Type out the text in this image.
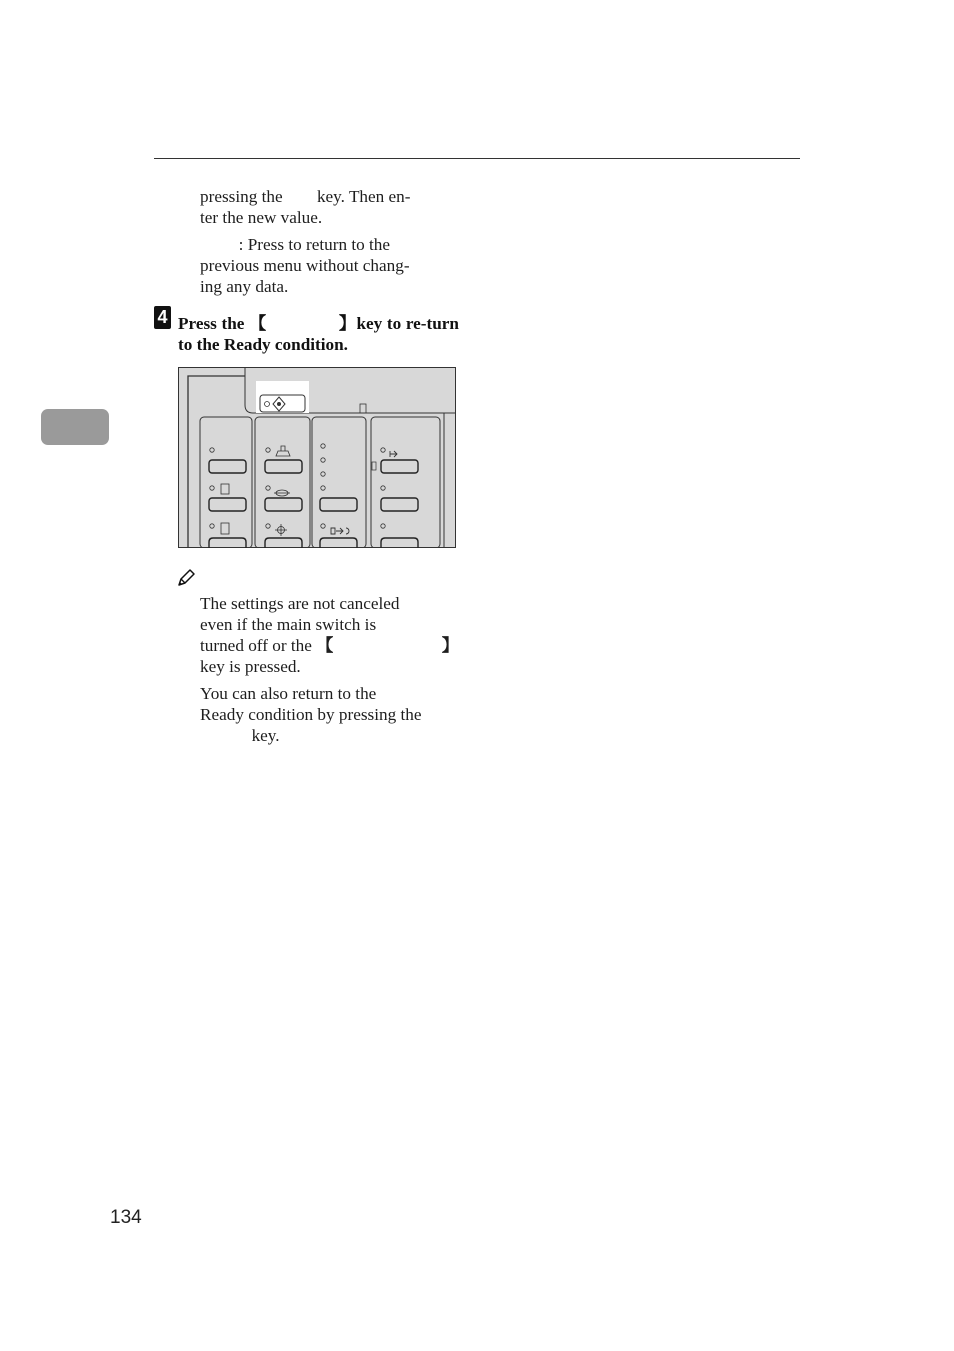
pressing the        key. Then en-
ter the new value.
: Press to return to the
previous menu without chang-
ing any data.
4 Press the 【	】key to re-turn to the Ready condition.
The settings are not canceled
even if the main switch is
turned off or the 【	】
key is pressed.
You can also return to the
Ready condition by pressing the
key.
134
